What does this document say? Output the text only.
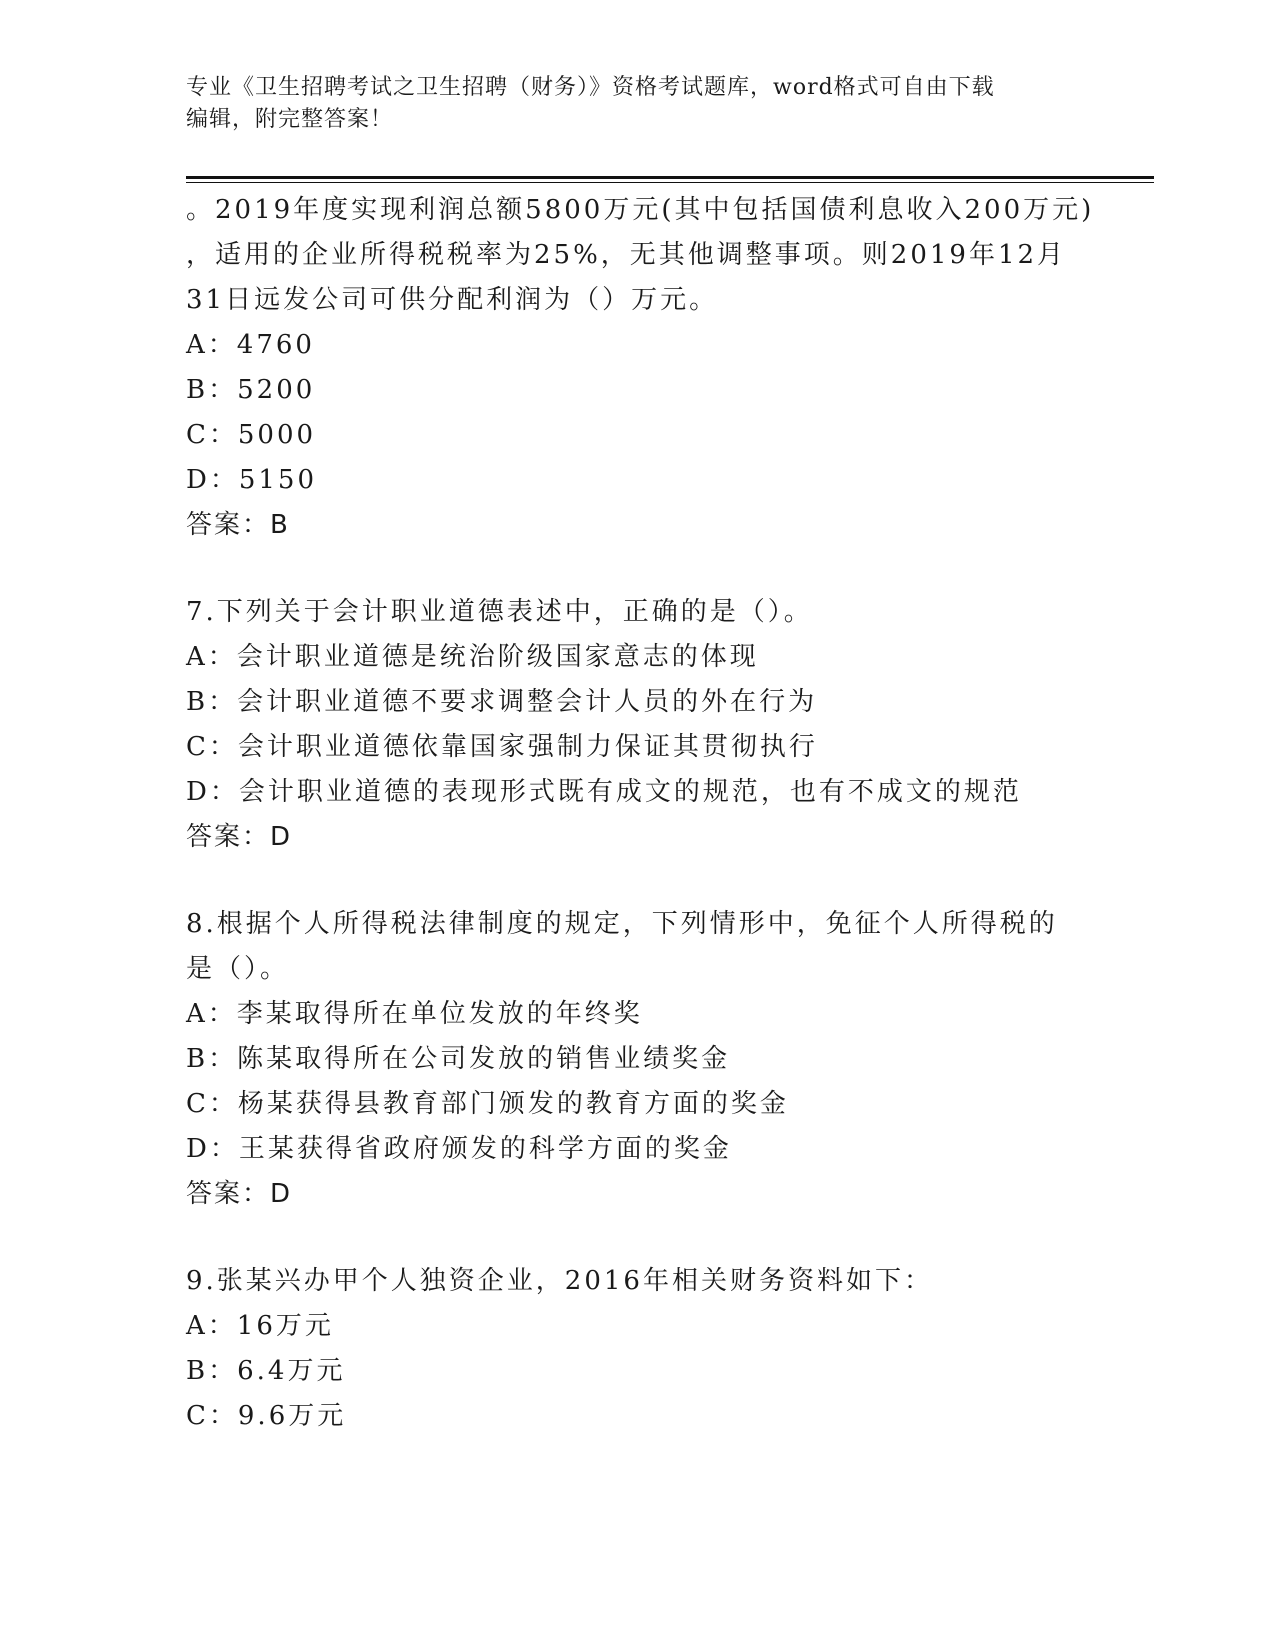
专业《卫生招聘考试之卫生招聘（财务）》资格考试题库，word格式可自由下载
编辑，附完整答案！
。2019年度实现利润总额5800万元(其中包括国债利息收入200万元)
，适用的企业所得税税率为25%，无其他调整事项。则2019年12月
31日远发公司可供分配利润为（）万元。
A：4760
B：5200
C：5000
D：5150
答案：B
7.下列关于会计职业道德表述中，正确的是（）。
A：会计职业道德是统治阶级国家意志的体现
B：会计职业道德不要求调整会计人员的外在行为
C：会计职业道德依靠国家强制力保证其贯彻执行
D：会计职业道德的表现形式既有成文的规范，也有不成文的规范
答案：D
8.根据个人所得税法律制度的规定，下列情形中，免征个人所得税的
是（）。
A：李某取得所在单位发放的年终奖
B：陈某取得所在公司发放的销售业绩奖金
C：杨某获得县教育部门颁发的教育方面的奖金
D：王某获得省政府颁发的科学方面的奖金
答案：D
9.张某兴办甲个人独资企业，2016年相关财务资料如下：
A：16万元
B：6.4万元
C：9.6万元
